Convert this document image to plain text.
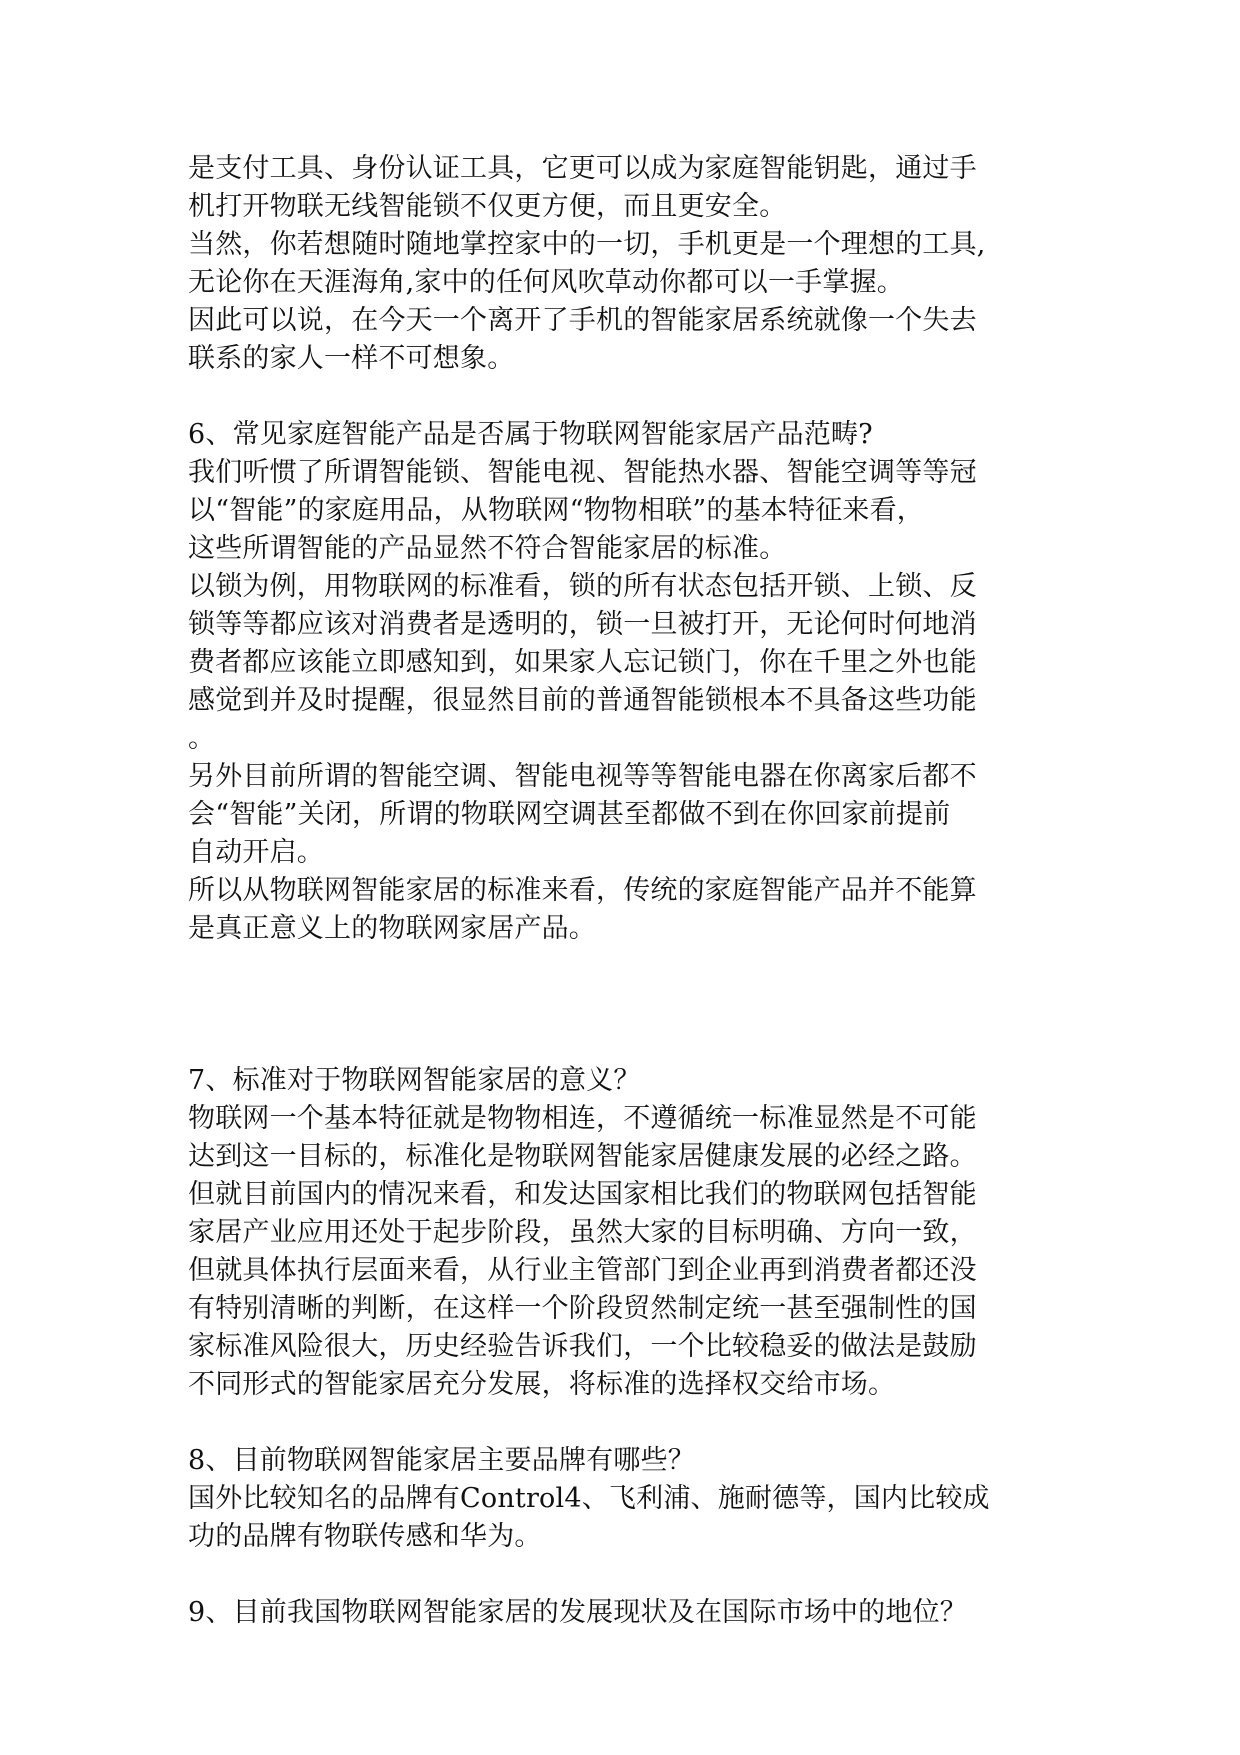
是支付工具、身份认证工具，它更可以成为家庭智能钥匙，通过手
机打开物联无线智能锁不仅更方便，而且更安全。
当然，你若想随时随地掌控家中的一切，手机更是一个理想的工具,
无论你在天涯海角,家中的任何风吹草动你都可以一手掌握。
因此可以说，在今天一个离开了手机的智能家居系统就像一个失去
联系的家人一样不可想象。
6、常见家庭智能产品是否属于物联网智能家居产品范畴?
我们听惯了所谓智能锁、智能电视、智能热水器、智能空调等等冠
以“智能”的家庭用品，从物联网“物物相联”的基本特征来看，
这些所谓智能的产品显然不符合智能家居的标准。
以锁为例，用物联网的标准看，锁的所有状态包括开锁、上锁、反
锁等等都应该对消费者是透明的，锁一旦被打开，无论何时何地消
费者都应该能立即感知到，如果家人忘记锁门，你在千里之外也能
感觉到并及时提醒，很显然目前的普通智能锁根本不具备这些功能
。
另外目前所谓的智能空调、智能电视等等智能电器在你离家后都不
会“智能”关闭，所谓的物联网空调甚至都做不到在你回家前提前
自动开启。
所以从物联网智能家居的标准来看，传统的家庭智能产品并不能算
是真正意义上的物联网家居产品。
7、标准对于物联网智能家居的意义？
物联网一个基本特征就是物物相连，不遵循统一标准显然是不可能
达到这一目标的，标准化是物联网智能家居健康发展的必经之路。
但就目前国内的情况来看，和发达国家相比我们的物联网包括智能
家居产业应用还处于起步阶段，虽然大家的目标明确、方向一致，
但就具体执行层面来看，从行业主管部门到企业再到消费者都还没
有特别清晰的判断，在这样一个阶段贸然制定统一甚至强制性的国
家标准风险很大，历史经验告诉我们，一个比较稳妥的做法是鼓励
不同形式的智能家居充分发展，将标准的选择权交给市场。
8、目前物联网智能家居主要品牌有哪些？
国外比较知名的品牌有Control4、飞利浦、施耐德等，国内比较成
功的品牌有物联传感和华为。
9、目前我国物联网智能家居的发展现状及在国际市场中的地位？
